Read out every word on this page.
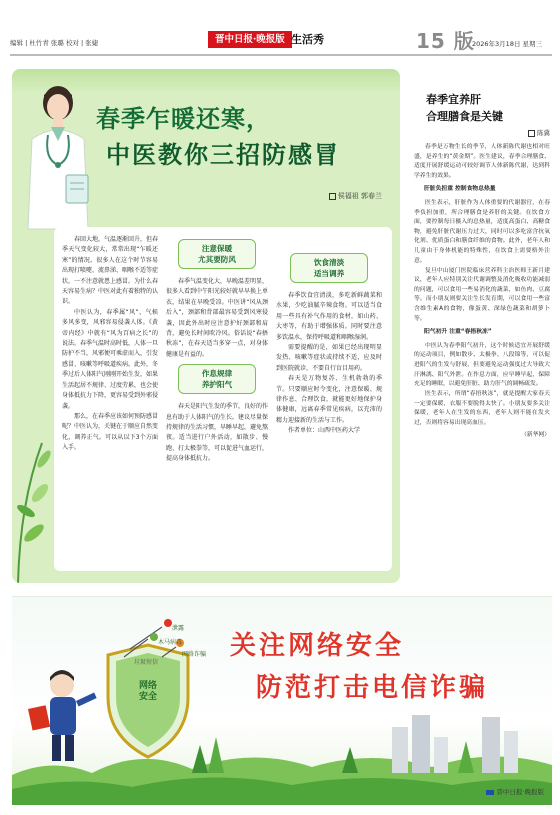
编辑 | 杜竹青 张璐 校对 | 张婕	晋中日报·晚报版 生活秀	15 版
2026年3月18日 星期三
春季乍暖还寒，
中医教你三招防感冒
侯福祖 郭春兰

春回大地，气温逐渐回升，但春季天气变化较大，常常出现“乍暖还寒”的情况。很多人在这个时节容易出现打喷嚏、流鼻涕、咽喉不适等症状，一不注意就患上感冒。为什么春天容易生病？中医对此有着独特的认识。

中医认为，春季属“风”，气候多风多变，风邪容易侵袭人体。《黄帝内经》中就有“风为百病之长”的说法。春季气温时高时低，人体一旦防护不当，风邪便可乘虚而入，引发感冒、咳嗽等呼吸道疾病。此外，冬季过后人体阳气刚刚开始生发，如果生活起居不规律、过度劳累，也会使身体抵抗力下降，更容易受到外邪侵袭。

那么，在春季应该如何预防感冒呢？中医认为，关键在于顺应自然变化，调养正气。可以从以下3个方面入手。

注意保暖
尤其要防风

春季气温变化大，早晚温差明显，很多人看到中午阳光较好就早早换上单衣，结果在早晚受凉。中医讲“风从颈后入”，颈部和背部最容易受到风寒侵袭，因此外出时应注意护好颈部和肩背，避免长时间吹冷风。俗话说“春捂秋冻”，在春天适当多穿一点，对身体健康是有益的。

作息规律
养护阳气

春天是阳气生发的季节，良好的作息有助于人体阳气的生长。建议尽量保持规律的生活习惯，早睡早起，避免熬夜。适当进行户外活动，如散步、慢跑、打太极拳等，可以促进气血运行，提高身体抵抗力。

饮食清淡
适当调养

春季饮食宜清淡，多吃新鲜蔬菜和水果，少吃油腻辛辣食物。可以适当食用一些具有补气作用的食材，如山药、大枣等，有助于增强体质。同时要注意多饮温水，保持呼吸道和咽喉湿润。

需要提醒的是，如果已经出现明显发热、咳嗽等症状或持续不适，应及时到医院就诊，不要自行盲目用药。

春天是万物复苏、生机勃勃的季节。只要顺应时令变化，注意保暖、规律作息、合理饮食，就能更好地保护身体健康，远离春季常见疾病，以充沛的精力迎接新的生活与工作。

作者单位：山西中医药大学

春季宜养肝
合理膳食是关键
陈冀

春季是万物生长的季节，人体新陈代谢也相对旺盛，是养生的“黄金期”。医生建议，春季合理膳食、适度开展舒缓运动可较好调节人体新陈代谢，达到科学养生的效果。

肝脏负担重 控制食物总热量

医生表示，肝脏作为人体重要的代谢器官，在春季负担加重，所合理膳食是养肝的关键。在饮食方面，要控制每日摄入的总热量，适度高蛋白、高糖食物，避免肝脏代谢压力过大，同时可以多吃富含抗氧化剂、优质蛋白和膳食纤维的食物。此外，老年人和儿童由于身体机能的特殊性，在饮食上需要格外注意。

复旦中山厦门医院临床营养科主治医师王新月建议，老年人应特别关注代谢调整及消化吸收功能减弱的问题，可以食用一些易消化的蔬菜，如鱼肉、豆腐等。而小朋友则要关注生长发育期，可以食用一些富含维生素A的食物，像蛋黄、深绿色蔬菜和胡萝卜等。

阳气初升 注重“春捂秋冻”

中医认为春季阳气初升，这个时候适宜开展舒缓的运动项目，例如散步、太极拳、八段锦等，可以促进阳气的生发与舒展，但要避免运动强度过大导致大汗淋漓、阳气外泄。在作息方面，应早睡早起，保障充足的睡眠，以避免肝脏、助力肝气的调畅疏发。

医生表示，所谓“春捂秋冻”，就是提醒大家春天一定要保暖，衣服不要脱得太快了。小朋友要多关注保暖，老年人在生发的东西，老年人则不能在发火过，否则将容易出现高血压。

（新华网）

泄露
木马病毒
网络诈骗
垃圾短信
网络安全
关注网络安全
防范打击电信诈骗
晋中日报·晚报版
